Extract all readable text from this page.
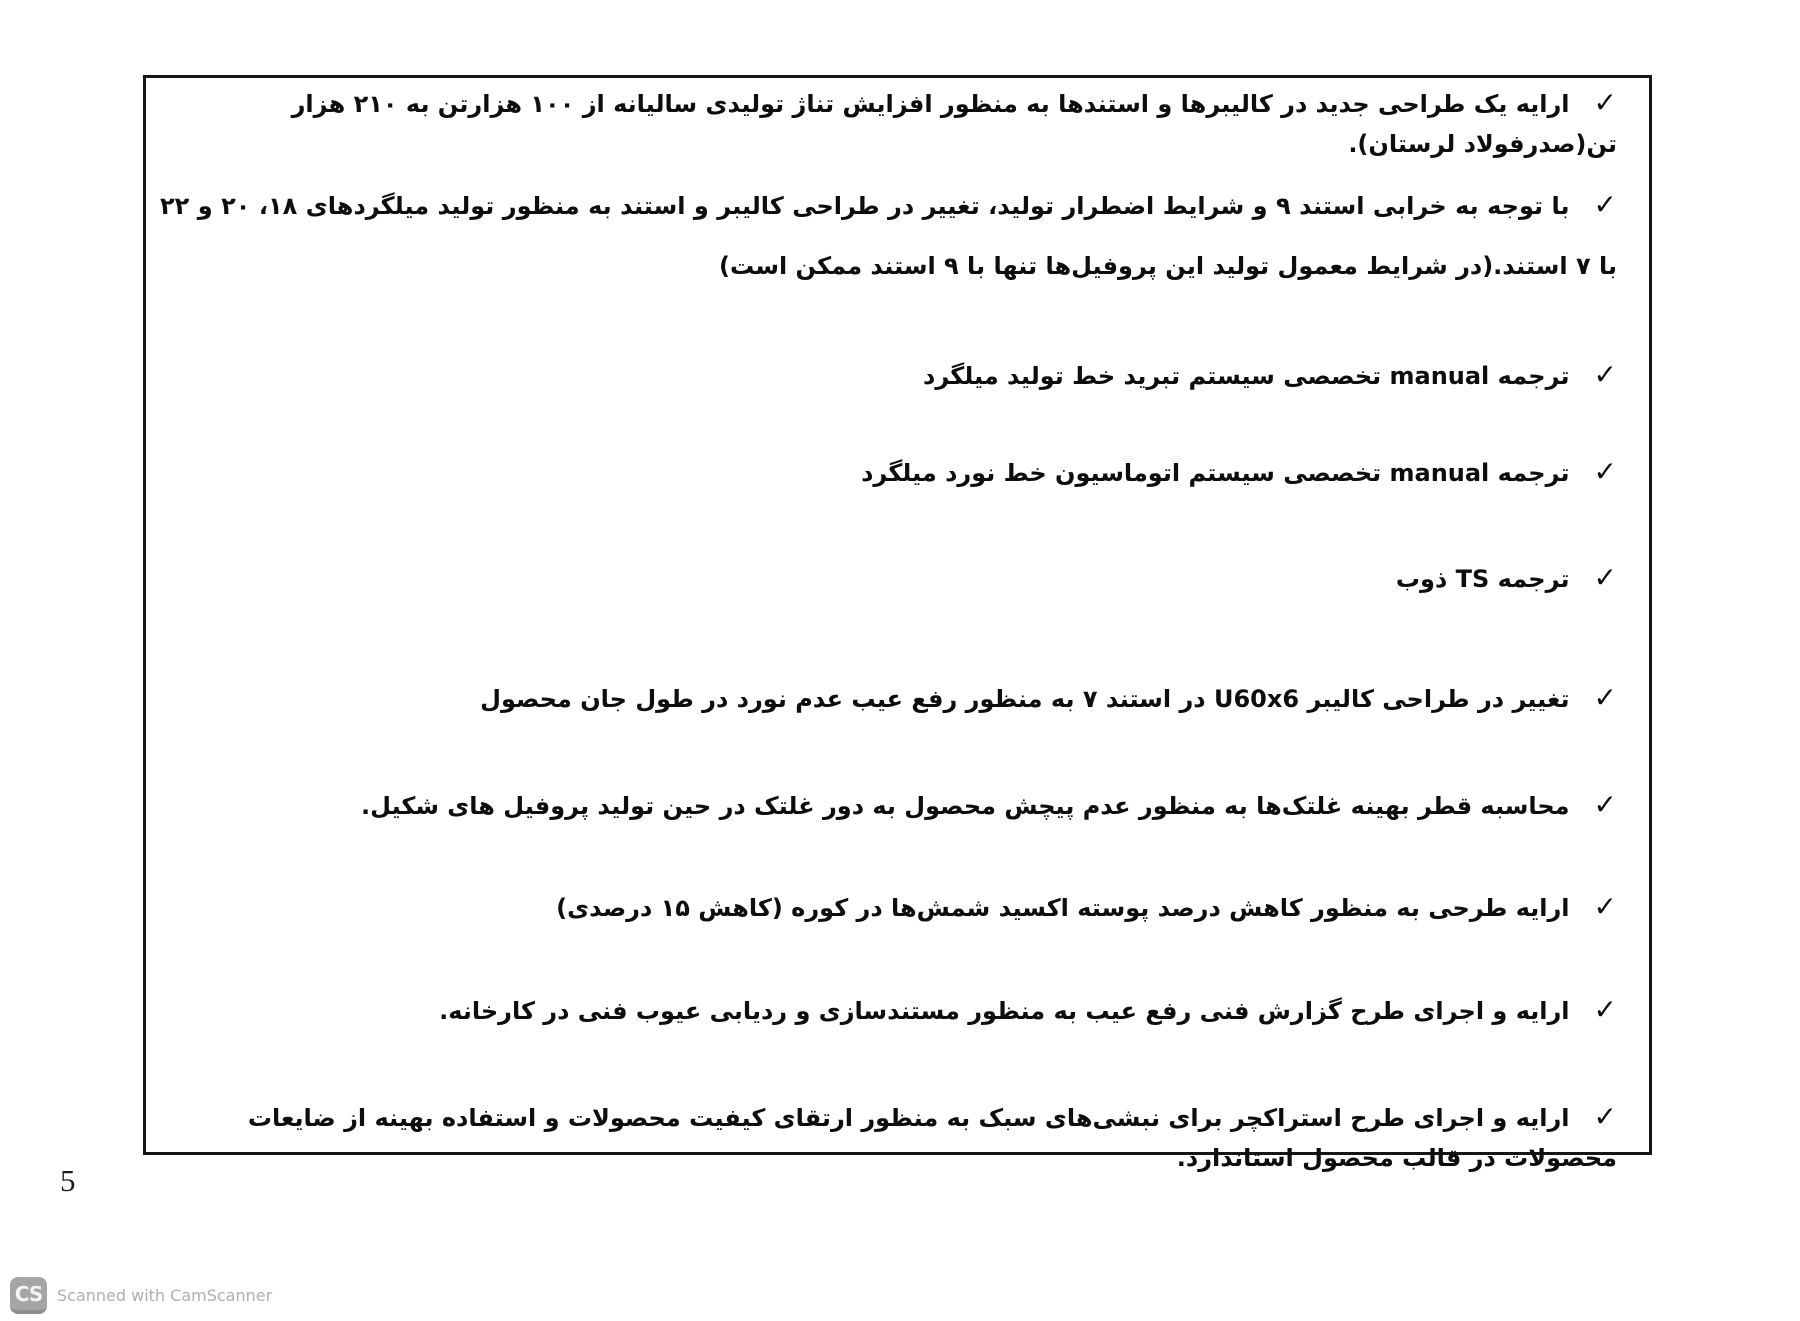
✓ارایه یک طراحی جدید در کالیبرها و استندها به منظور افزایش تناژ تولیدی سالیانه از ۱۰۰ هزارتن به ۲۱۰ هزار تن(صدرفولاد لرستان).
✓با توجه به خرابی استند ۹ و شرایط اضطرار تولید، تغییر در طراحی کالیبر و استند به منظور تولید میلگردهای ۱۸، ۲۰ و ۲۲ با ۷ استند.(در شرایط معمول تولید این پروفیل‌ها تنها با ۹ استند ممکن است)
✓ترجمه manual تخصصی سیستم تبرید خط تولید میلگرد
✓ترجمه manual تخصصی سیستم اتوماسیون خط نورد میلگرد
✓ترجمه TS ذوب
✓تغییر در طراحی کالیبر U60x6 در استند ۷ به منظور رفع عیب عدم نورد در طول جان محصول
✓محاسبه قطر بهینه غلتک‌ها به منظور عدم پیچش محصول به دور غلتک در حین تولید پروفیل های شکیل.
✓ارایه طرحی به منظور کاهش درصد پوسته اکسید شمش‌ها در کوره (کاهش ۱۵ درصدی)
✓ارایه و اجرای طرح گزارش فنی رفع عیب به منظور مستندسازی و ردیابی عیوب فنی در کارخانه.
✓ارایه و اجرای طرح استراکچر برای نبشی‌های سبک به منظور ارتقای کیفیت محصولات و استفاده بهینه از ضایعات محصولات در قالب محصول استاندارد.
5
CS Scanned with CamScanner
